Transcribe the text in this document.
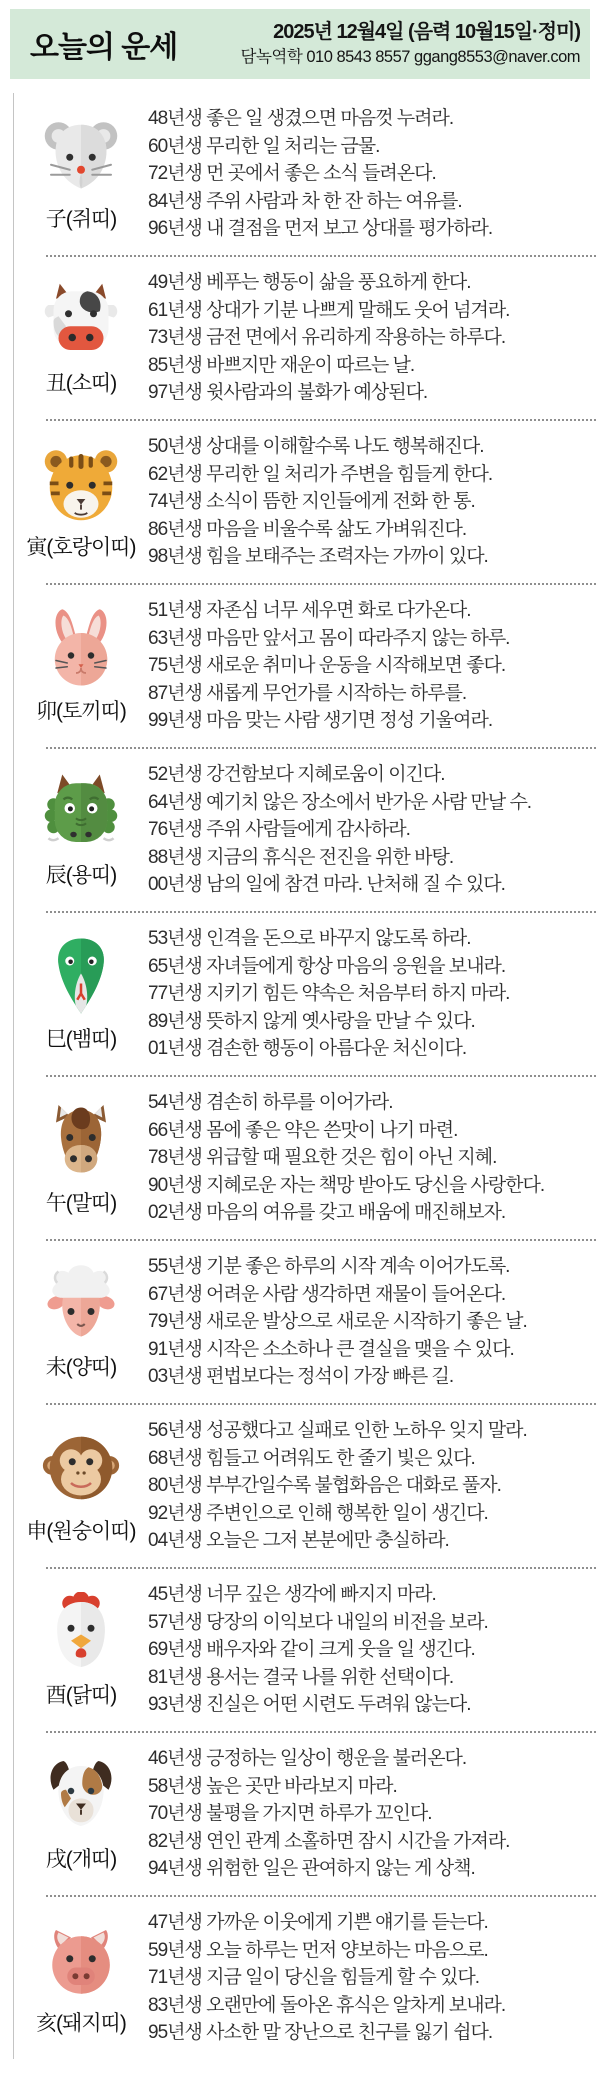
오늘의 운세	2025년 12월4일 (음력 10월15일·정미)
담녹역학 010 8543 8557 ggang8553@naver.com
子(쥐띠)
48년생 좋은 일 생겼으면 마음껏 누려라.
60년생 무리한 일 처리는 금물.
72년생 먼 곳에서 좋은 소식 들려온다.
84년생 주위 사람과 차 한 잔 하는 여유를.
96년생 내 결점을 먼저 보고 상대를 평가하라.
丑(소띠)
49년생 베푸는 행동이 삶을 풍요하게 한다.
61년생 상대가 기분 나쁘게 말해도 웃어 넘겨라.
73년생 금전 면에서 유리하게 작용하는 하루다.
85년생 바쁘지만 재운이 따르는 날.
97년생 윗사람과의 불화가 예상된다.
寅(호랑이띠)
50년생 상대를 이해할수록 나도 행복해진다.
62년생 무리한 일 처리가 주변을 힘들게 한다.
74년생 소식이 뜸한 지인들에게 전화 한 통.
86년생 마음을 비울수록 삶도 가벼워진다.
98년생 힘을 보태주는 조력자는 가까이 있다.
卯(토끼띠)
51년생 자존심 너무 세우면 화로 다가온다.
63년생 마음만 앞서고 몸이 따라주지 않는 하루.
75년생 새로운 취미나 운동을 시작해보면 좋다.
87년생 새롭게 무언가를 시작하는 하루를.
99년생 마음 맞는 사람 생기면 정성 기울여라.
辰(용띠)
52년생 강건함보다 지혜로움이 이긴다.
64년생 예기치 않은 장소에서 반가운 사람 만날 수.
76년생 주위 사람들에게 감사하라.
88년생 지금의 휴식은 전진을 위한 바탕.
00년생 남의 일에 참견 마라. 난처해 질 수 있다.
巳(뱀띠)
53년생 인격을 돈으로 바꾸지 않도록 하라.
65년생 자녀들에게 항상 마음의 응원을 보내라.
77년생 지키기 힘든 약속은 처음부터 하지 마라.
89년생 뜻하지 않게 옛사랑을 만날 수 있다.
01년생 겸손한 행동이 아름다운 처신이다.
午(말띠)
54년생 겸손히 하루를 이어가라.
66년생 몸에 좋은 약은 쓴맛이 나기 마련.
78년생 위급할 때 필요한 것은 힘이 아닌 지혜.
90년생 지혜로운 자는 책망 받아도 당신을 사랑한다.
02년생 마음의 여유를 갖고 배움에 매진해보자.
未(양띠)
55년생 기분 좋은 하루의 시작 계속 이어가도록.
67년생 어려운 사람 생각하면 재물이 들어온다.
79년생 새로운 발상으로 새로운 시작하기 좋은 날.
91년생 시작은 소소하나 큰 결실을 맺을 수 있다.
03년생 편법보다는 정석이 가장 빠른 길.
申(원숭이띠)
56년생 성공했다고 실패로 인한 노하우 잊지 말라.
68년생 힘들고 어려워도 한 줄기 빛은 있다.
80년생 부부간일수록 불협화음은 대화로 풀자.
92년생 주변인으로 인해 행복한 일이 생긴다.
04년생 오늘은 그저 본분에만 충실하라.
酉(닭띠)
45년생 너무 깊은 생각에 빠지지 마라.
57년생 당장의 이익보다 내일의 비전을 보라.
69년생 배우자와 같이 크게 웃을 일 생긴다.
81년생 용서는 결국 나를 위한 선택이다.
93년생 진실은 어떤 시련도 두려워 않는다.
戌(개띠)
46년생 긍정하는 일상이 행운을 불러온다.
58년생 높은 곳만 바라보지 마라.
70년생 불평을 가지면 하루가 꼬인다.
82년생 연인 관계 소홀하면 잠시 시간을 가져라.
94년생 위험한 일은 관여하지 않는 게 상책.
亥(돼지띠)
47년생 가까운 이웃에게 기쁜 얘기를 듣는다.
59년생 오늘 하루는 먼저 양보하는 마음으로.
71년생 지금 일이 당신을 힘들게 할 수 있다.
83년생 오랜만에 돌아온 휴식은 알차게 보내라.
95년생 사소한 말 장난으로 친구를 잃기 쉽다.
